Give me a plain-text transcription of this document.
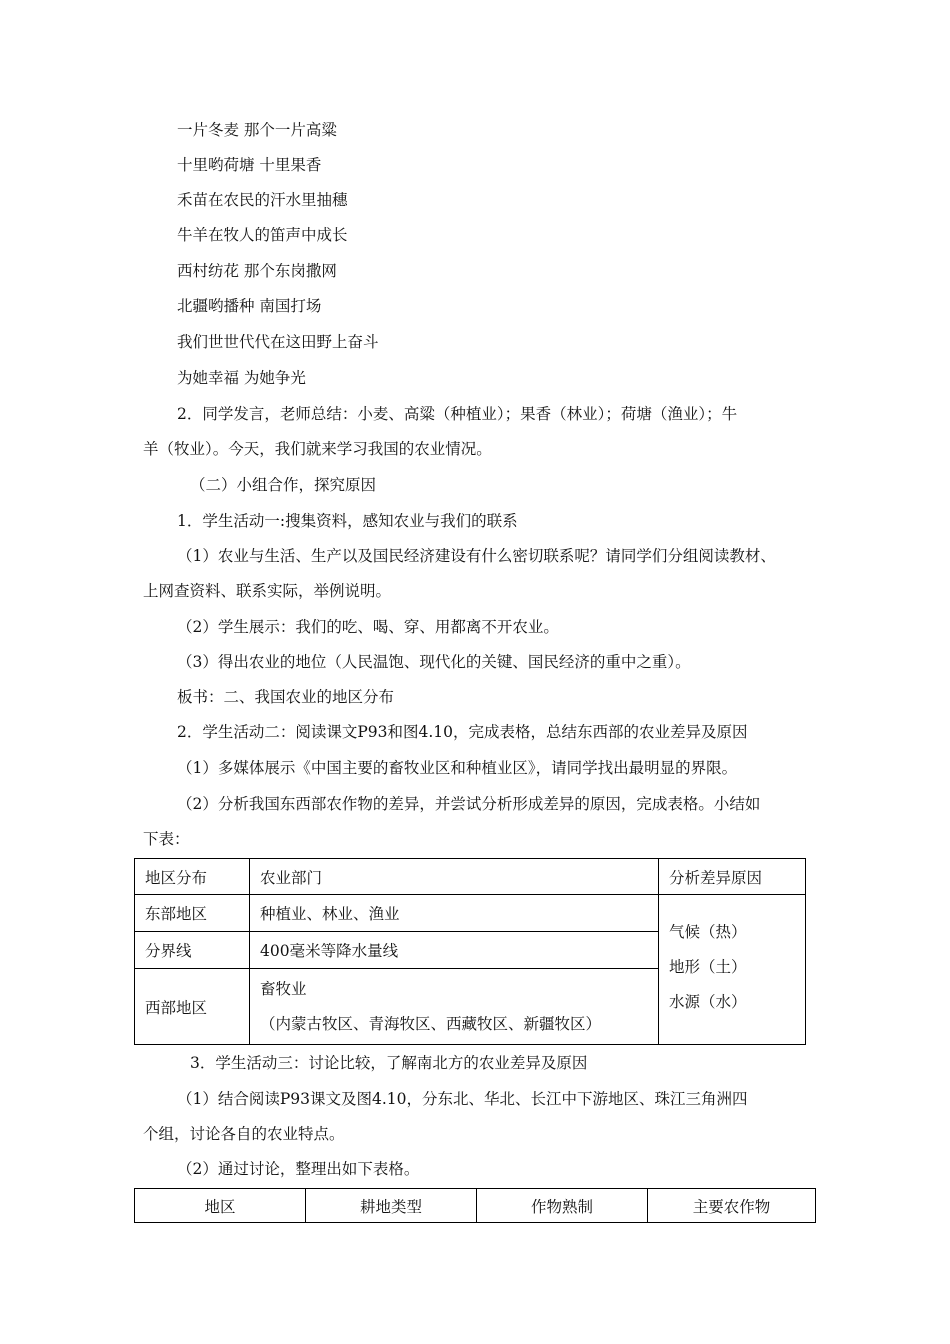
一片冬麦 那个一片高粱
十里哟荷塘 十里果香
禾苗在农民的汗水里抽穗
牛羊在牧人的笛声中成长
西村纺花 那个东岗撒网
北疆哟播种 南国打场
我们世世代代在这田野上奋斗
为她幸福 为她争光
2．同学发言，老师总结：小麦、高粱（种植业）；果香（林业）；荷塘（渔业）；牛
羊（牧业）。今天，我们就来学习我国的农业情况。
（二）小组合作，探究原因
1．学生活动一:搜集资料，感知农业与我们的联系
（1）农业与生活、生产以及国民经济建设有什么密切联系呢？请同学们分组阅读教材、
上网查资料、联系实际，举例说明。
（2）学生展示：我们的吃、喝、穿、用都离不开农业。
（3）得出农业的地位（人民温饱、现代化的关键、国民经济的重中之重）。
板书：二、我国农业的地区分布
2．学生活动二：阅读课文P93和图4.10，完成表格，总结东西部的农业差异及原因
（1）多媒体展示《中国主要的畜牧业区和种植业区》，请同学找出最明显的界限。
（2）分析我国东西部农作物的差异，并尝试分析形成差异的原因，完成表格。小结如
下表：
地区分布	农业部门	分析差异原因
东部地区	种植业、林业、渔业	气候（热）
地形（土）
水源（水）

分界线	400毫米等降水量线	
西部地区	畜牧业
（内蒙古牧区、青海牧区、西藏牧区、新疆牧区）	
3．学生活动三：讨论比较，了解南北方的农业差异及原因
（1）结合阅读P93课文及图4.10，分东北、华北、长江中下游地区、珠江三角洲四
个组，讨论各自的农业特点。
（2）通过讨论，整理出如下表格。
地区	耕地类型	作物熟制	主要农作物
